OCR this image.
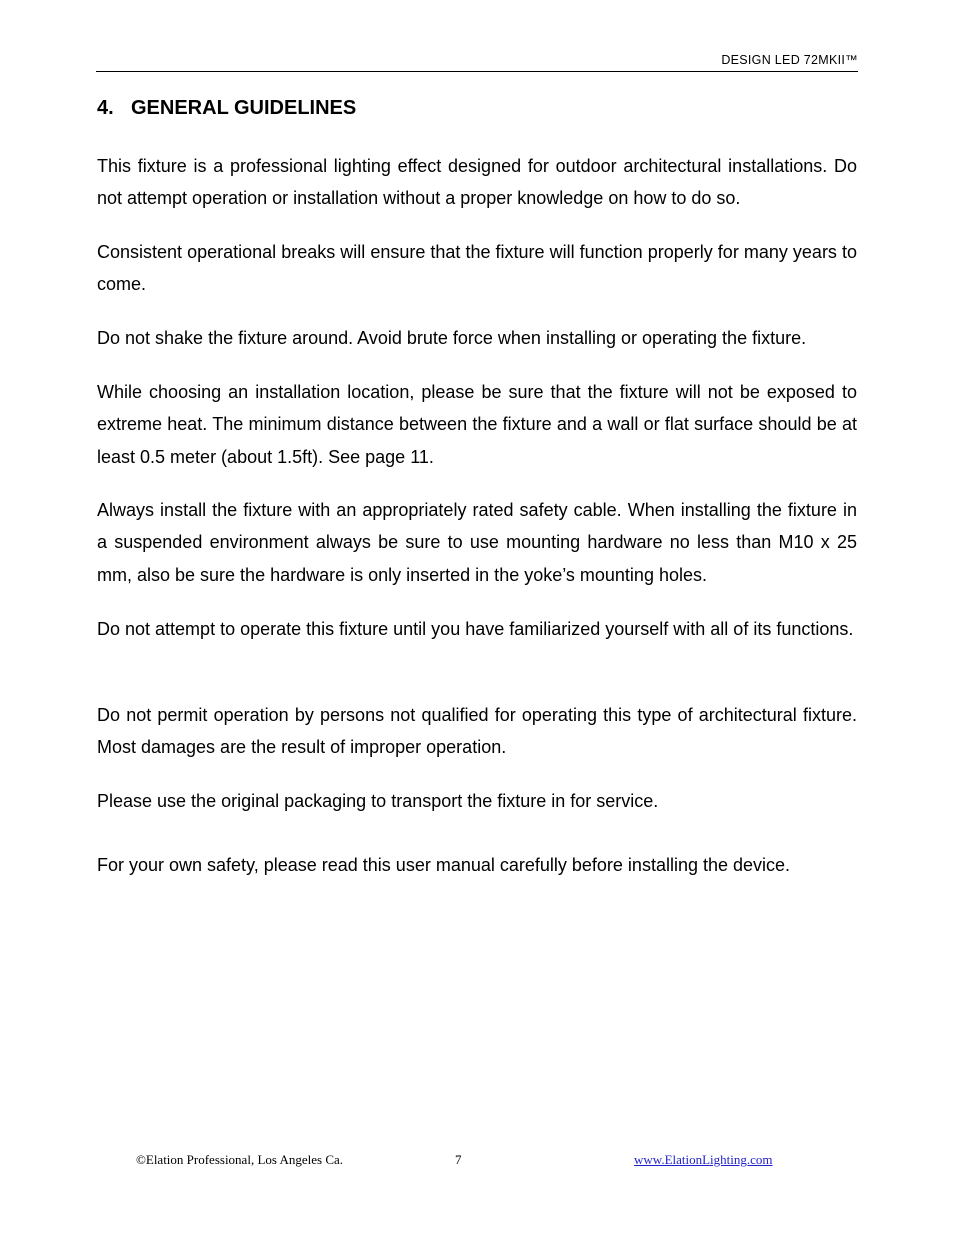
DESIGN LED 72MKII™
4. GENERAL GUIDELINES

This fixture is a professional lighting effect designed for outdoor architectural installations. Do not attempt operation or installation without a proper knowledge on how to do so.

Consistent operational breaks will ensure that the fixture will function properly for many years to come.

Do not shake the fixture around. Avoid brute force when installing or operating the fixture.

While choosing an installation location, please be sure that the fixture will not be exposed to extreme heat. The minimum distance between the fixture and a wall or flat surface should be at least 0.5 meter (about 1.5ft). See page 11.

Always install the fixture with an appropriately rated safety cable. When installing the fixture in a suspended environment always be sure to use mounting hardware no less than M10 x 25 mm, also be sure the hardware is only inserted in the yoke’s mounting holes.

Do not attempt to operate this fixture until you have familiarized yourself with all of its functions.

Do not permit operation by persons not qualified for operating this type of architectural fixture. Most damages are the result of improper operation.

Please use the original packaging to transport the fixture in for service.

For your own safety, please read this user manual carefully before installing the device.

©Elation Professional, Los Angeles Ca.	7	www.ElationLighting.com
